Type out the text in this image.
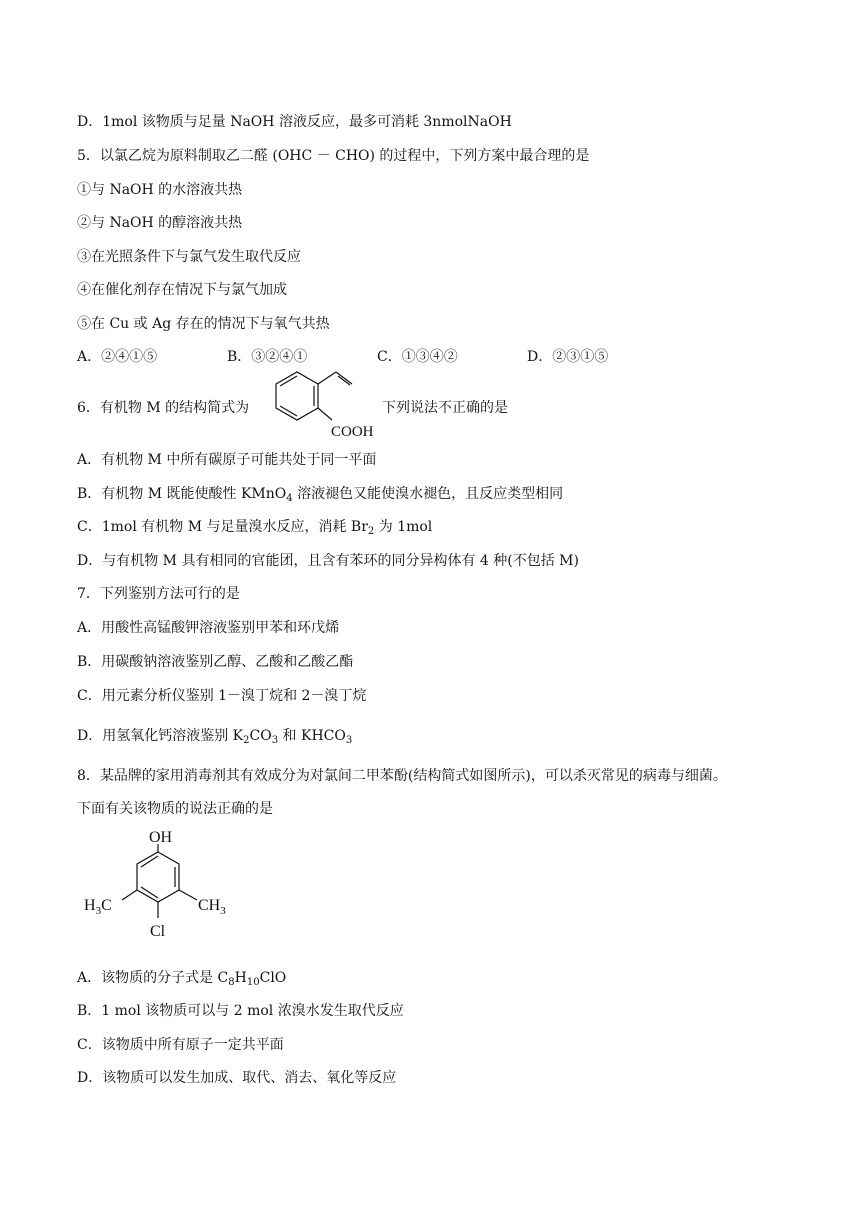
D．1mol 该物质与足量 NaOH 溶液反应，最多可消耗 3nmolNaOH
5．以氯乙烷为原料制取乙二醛 (OHC － CHO) 的过程中，下列方案中最合理的是
①与 NaOH 的水溶液共热
②与 NaOH 的醇溶液共热
③在光照条件下与氯气发生取代反应
④在催化剂存在情况下与氯气加成
⑤在 Cu 或 Ag 存在的情况下与氧气共热
A．②④①⑤	B．③②④①	C．①③④②	D．②③①⑤
6．有机物 M 的结构简式为
COOH
下列说法不正确的是
A．有机物 M 中所有碳原子可能共处于同一平面
B．有机物 M 既能使酸性 KMnO$_4$ 溶液褪色又能使溴水褪色，且反应类型相同
C．1mol 有机物 M 与足量溴水反应，消耗 $Br_2$ 为 1mol
D．与有机物 M 具有相同的官能团，且含有苯环的同分异构体有 4 种(不包括 M)
7．下列鉴别方法可行的是
A．用酸性高锰酸钾溶液鉴别甲苯和环戊烯
B．用碳酸钠溶液鉴别乙醇、乙酸和乙酸乙酯
C．用元素分析仪鉴别 1－溴丁烷和 2－溴丁烷
D．用氢氧化钙溶液鉴别 $K_2CO_3$ 和 $KHCO_3$
8．某品牌的家用消毒剂其有效成分为对氯间二甲苯酚(结构简式如图所示)，可以杀灭常见的病毒与细菌。
下面有关该物质的说法正确的是
OH
$H_3C$	$CH_3$
Cl
A．该物质的分子式是 $C_8H_{10}ClO$
B．1 mol 该物质可以与 2 mol 浓溴水发生取代反应
C．该物质中所有原子一定共平面
D．该物质可以发生加成、取代、消去、氧化等反应
